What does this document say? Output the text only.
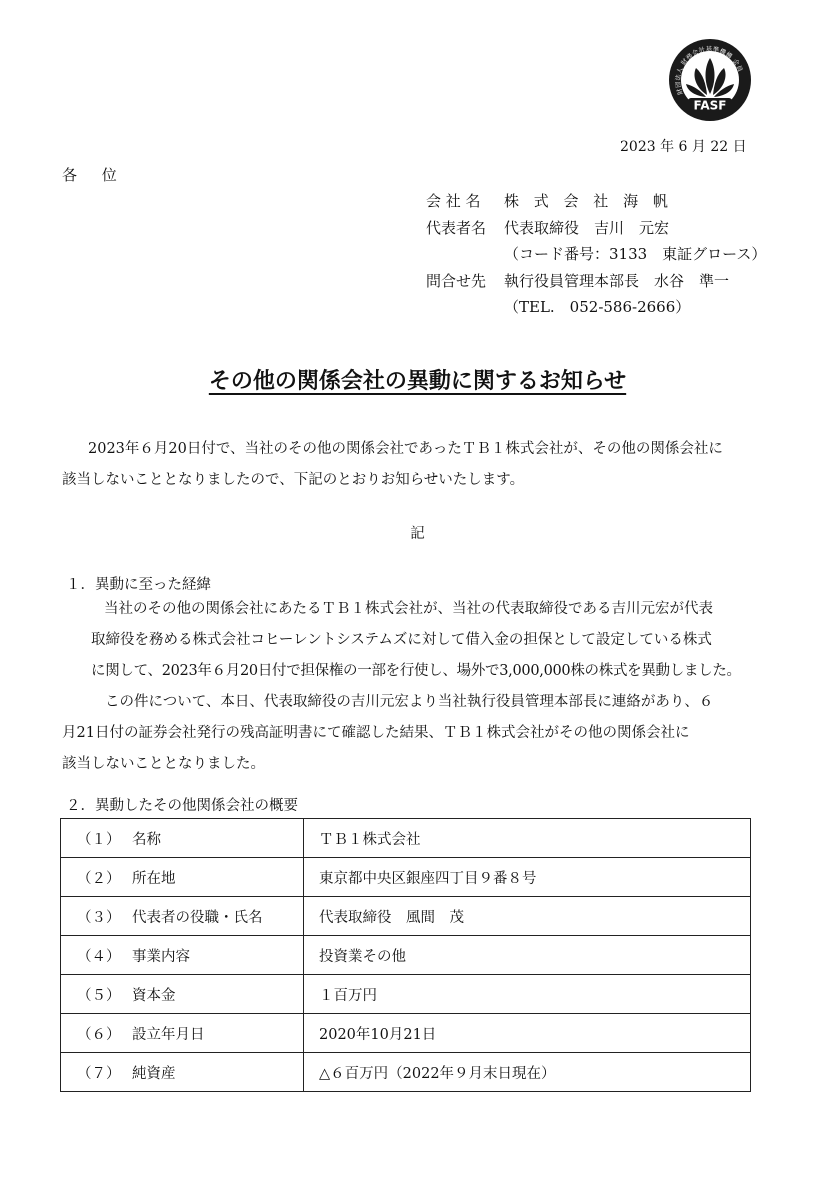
財団法人 財務会計基準機構 会員
FASF
2023 年 6 月 22 日
各 位
会 社 名 株 式 会 社 海 帆
代表者名 代表取締役　吉川　元宏
（コード番号：3133　東証グロース）
問合せ先 執行役員管理本部長　水谷　準一
（TEL.　052-586-2666）
その他の関係会社の異動に関するお知らせ

2023年６月20日付で、当社のその他の関係会社であったＴＢ１株式会社が、その他の関係会社に

該当しないこととなりましたので、下記のとおりお知らせいたします。

記
１．異動に至った経緯

当社のその他の関係会社にあたるＴＢ１株式会社が、当社の代表取締役である吉川元宏が代表

取締役を務める株式会社コヒーレントシステムズに対して借入金の担保として設定している株式

に関して、2023年６月20日付で担保権の一部を行使し、場外で3,000,000株の株式を異動しました。

この件について、本日、代表取締役の吉川元宏より当社執行役員管理本部長に連絡があり、６

月21日付の証券会社発行の残高証明書にて確認した結果、ＴＢ１株式会社がその他の関係会社に

該当しないこととなりました。

２．異動したその他関係会社の概要
（１）	名称	ＴＢ１株式会社
（２）	所在地	東京都中央区銀座四丁目９番８号
（３）	代表者の役職・氏名	代表取締役　風間　茂
（４）	事業内容	投資業その他
（５）	資本金	１百万円
（６）	設立年月日	2020年10月21日
（７）	純資産	△６百万円（2022年９月末日現在）
